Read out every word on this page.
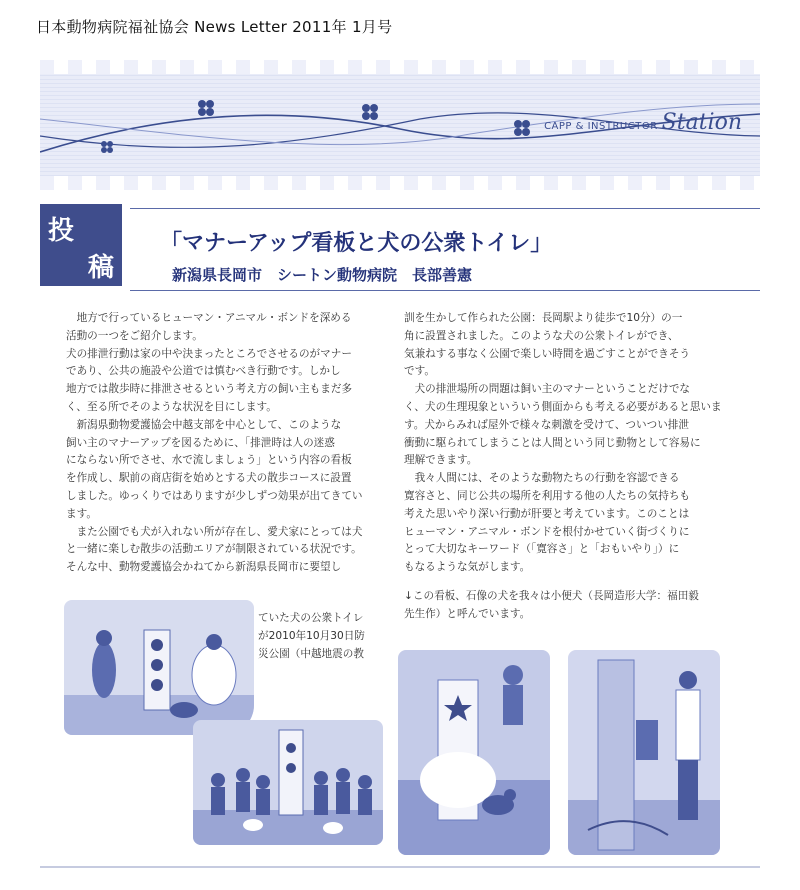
日本動物病院福祉協会 News Letter 2011年 1月号
CAPP & INSTRUCTOR Station
投
稿
「マナーアップ看板と犬の公衆トイレ」
新潟県長岡市　シートン動物病院　長部善憲
　地方で行っているヒューマン・アニマル・ボンドを深める
活動の一つをご紹介します。
犬の排泄行動は家の中や決まったところでさせるのがマナー
であり、公共の施設や公道では慎むべき行動です。しかし
地方では散歩時に排泄させるという考え方の飼い主もまだ多
く、至る所でそのような状況を目にします。
　新潟県動物愛護協会中越支部を中心として、このような
飼い主のマナーアップを図るために、「排泄時は人の迷惑
にならない所でさせ、水で流しましょう」という内容の看板
を作成し、駅前の商店街を始めとする犬の散歩コースに設置
しました。ゆっくりではありますが少しずつ効果が出てきてい
ます。
　また公園でも犬が入れない所が存在し、愛犬家にとっては犬
と一緒に楽しむ散歩の活動エリアが制限されている状況です。
そんな中、動物愛護協会かねてから新潟県長岡市に要望し
訓を生かして作られた公園：長岡駅より徒歩で10分）の一
角に設置されました。このような犬の公衆トイレができ、
気兼ねする事なく公園で楽しい時間を過ごすことができそう
です。
　犬の排泄場所の問題は飼い主のマナーということだけでな
く、犬の生理現象といういう側面からも考える必要があると思いま
す。犬からみれば屋外で様々な刺激を受けて、ついつい排泄
衝動に駆られてしまうことは人間という同じ動物として容易に
理解できます。
　我々人間には、そのような動物たちの行動を容認できる
寛容さと、同じ公共の場所を利用する他の人たちの気持ちも
考えた思いやり深い行動が肝要と考えています。このことは
ヒューマン・アニマル・ボンドを根付かせていく街づくりに
とって大切なキーワード（「寛容さ」と「おもいやり」）に
もなるような気がします。
↓この看板、石像の犬を我々は小便犬（長岡造形大学：福田毅
先生作）と呼んでいます。
ていた犬の公衆トイレ
が2010年10月30日防
災公園（中越地震の教
